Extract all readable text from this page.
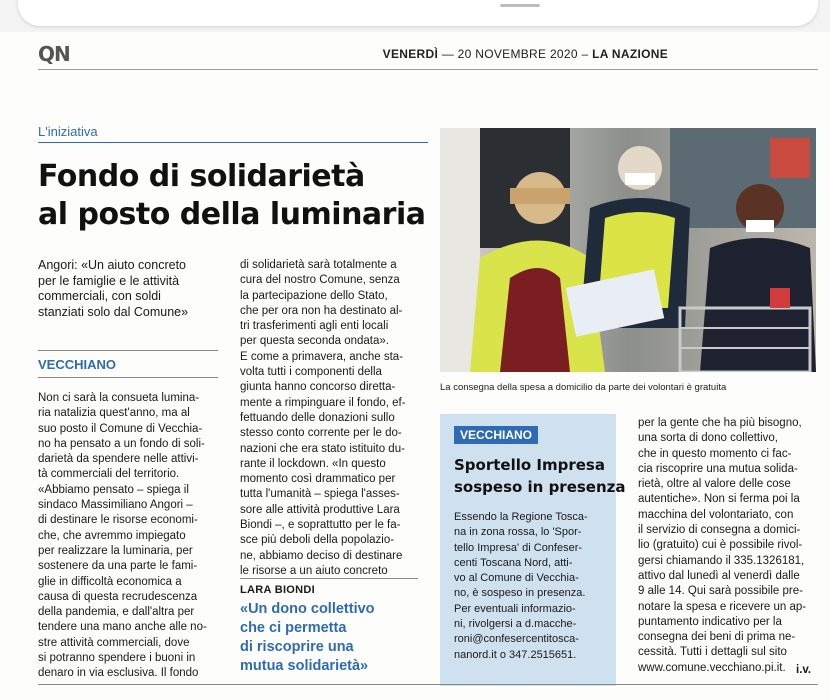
QN	VENERDÌ — 20 NOVEMBRE 2020 – LA NAZIONE
L'iniziativa
Fondo di solidarietà
al posto della luminaria
Angori: «Un aiuto concreto
per le famiglie e le attività
commerciali, con soldi
stanziati solo dal Comune»
VECCHIANO
Non ci sarà la consueta lumina-
ria natalizia quest'anno, ma al
suo posto il Comune di Vecchia-
no ha pensato a un fondo di soli-
darietà da spendere nelle attivi-
tà commerciali del territorio.
«Abbiamo pensato – spiega il
sindaco Massimiliano Angori –
di destinare le risorse economi-
che, che avremmo impiegato
per realizzare la luminaria, per
sostenere da una parte le fami-
glie in difficoltà economica a
causa di questa recrudescenza
della pandemia, e dall'altra per
tendere una mano anche alle no-
stre attività commerciali, dove
si potranno spendere i buoni in
denaro in via esclusiva. Il fondo
di solidarietà sarà totalmente a
cura del nostro Comune, senza
la partecipazione dello Stato,
che per ora non ha destinato al-
tri trasferimenti agli enti locali
per questa seconda ondata».
E come a primavera, anche sta-
volta tutti i componenti della
giunta hanno concorso diretta-
mente a rimpinguare il fondo, ef-
fettuando delle donazioni sullo
stesso conto corrente per le do-
nazioni che era stato istituito du-
rante il lockdown. «In questo
momento così drammatico per
tutta l'umanità – spiega l'asses-
sore alle attività produttive Lara
Biondi –, e soprattutto per le fa-
sce più deboli della popolazio-
ne, abbiamo deciso di destinare
le risorse a un aiuto concreto
LARA BIONDI
«Un dono collettivo
che ci permetta
di riscoprire una
mutua solidarietà»
La consegna della spesa a domicilio da parte dei volontari è gratuita
VECCHIANO
Sportello Impresa
sospeso in presenza
Essendo la Regione Tosca-
na in zona rossa, lo 'Spor-
tello Impresa' di Confeser-
centi Toscana Nord, atti-
vo al Comune di Vecchia-
no, è sospeso in presenza.
Per eventuali informazio-
ni, rivolgersi a d.macche-
roni@confesercentitosca-
nanord.it o 347.2515651.
per la gente che ha più bisogno,
una sorta di dono collettivo,
che in questo momento ci fac-
cia riscoprire una mutua solida-
rietà, oltre al valore delle cose
autentiche». Non si ferma poi la
macchina del volontariato, con
il servizio di consegna a domici-
lio (gratuito) cui è possibile rivol-
gersi chiamando il 335.1326181,
attivo dal lunedì al venerdì dalle
9 alle 14. Qui sarà possibile pre-
notare la spesa e ricevere un ap-
puntamento indicativo per la
consegna dei beni di prima ne-
cessità. Tutti i dettagli sul sito
www.comune.vecchiano.pi.it. i.v.
